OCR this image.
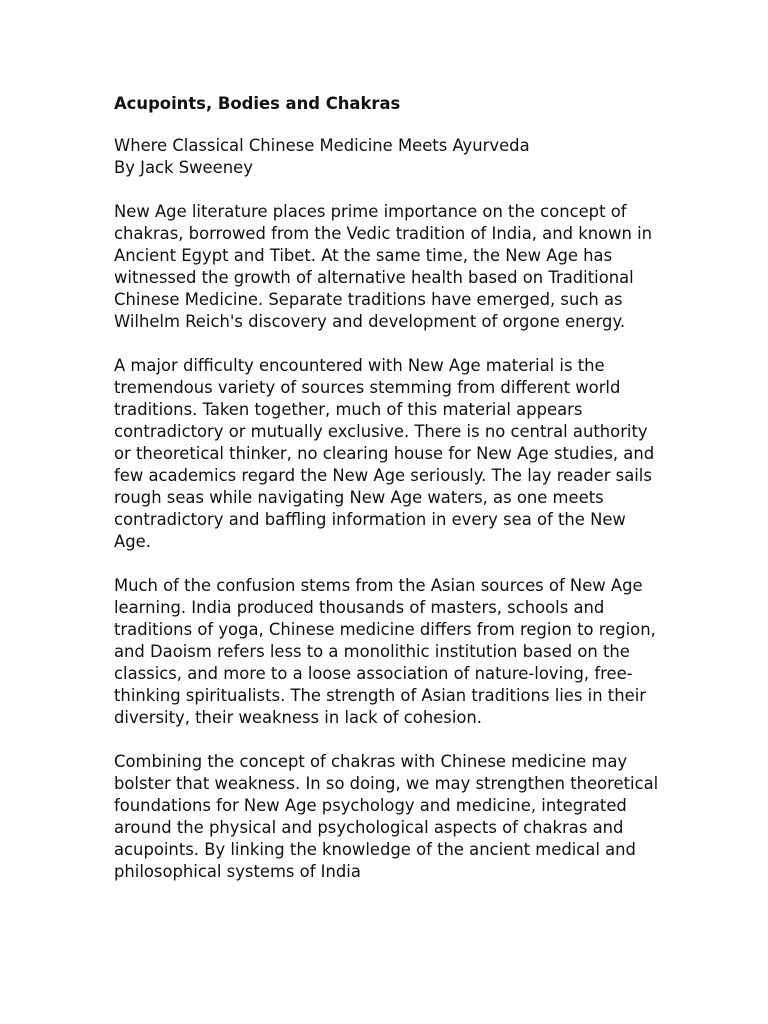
Acupoints, Bodies and Chakras
Where Classical Chinese Medicine Meets Ayurveda
By Jack Sweeney

New Age literature places prime importance on the concept of chakras, borrowed from the Vedic tradition of India, and known in Ancient Egypt and Tibet. At the same time, the New Age has witnessed the growth of alternative health based on Traditional Chinese Medicine. Separate traditions have emerged, such as Wilhelm Reich's discovery and development of orgone energy.

A major difficulty encountered with New Age material is the tremendous variety of sources stemming from different world traditions. Taken together, much of this material appears contradictory or mutually exclusive. There is no central authority or theoretical thinker, no clearing house for New Age studies, and few academics regard the New Age seriously. The lay reader sails rough seas while navigating New Age waters, as one meets contradictory and baffling information in every sea of the New Age.

Much of the confusion stems from the Asian sources of New Age learning. India produced thousands of masters, schools and traditions of yoga, Chinese medicine differs from region to region, and Daoism refers less to a monolithic institution based on the classics, and more to a loose association of nature-loving, free-thinking spiritualists. The strength of Asian traditions lies in their diversity, their weakness in lack of cohesion.

Combining the concept of chakras with Chinese medicine may bolster that weakness. In so doing, we may strengthen theoretical foundations for New Age psychology and medicine, integrated around the physical and psychological aspects of chakras and acupoints. By linking the knowledge of the ancient medical and philosophical systems of India
